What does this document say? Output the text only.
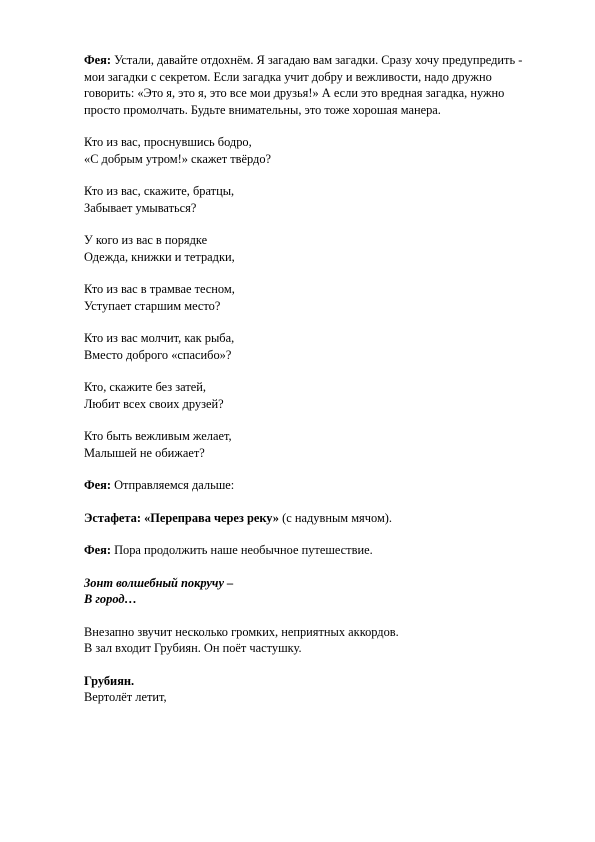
Фея: Устали, давайте отдохнём. Я загадаю вам загадки. Сразу хочу предупредить - мои загадки с секретом. Если загадка учит добру и вежливости, надо дружно говорить: «Это я, это я, это все мои друзья!» А если это вредная загадка, нужно просто промолчать. Будьте внимательны, это тоже хорошая манера.

Кто из вас, проснувшись бодро,
«С добрым утром!» скажет твёрдо?

Кто из вас, скажите, братцы,
Забывает умываться?

У кого из вас в порядке
Одежда, книжки и тетрадки,

Кто из вас в трамвае тесном,
Уступает старшим место?

Кто из вас молчит, как рыба,
Вместо доброго «спасибо»?

Кто, скажите без затей,
Любит всех своих друзей?

Кто быть вежливым желает,
Малышей не обижает?

Фея: Отправляемся дальше:

Эстафета: «Переправа через реку» (с надувным мячом).

Фея: Пора продолжить наше необычное путешествие.

Зонт волшебный покручу –
В город…

Внезапно звучит несколько громких, неприятных аккордов.
В зал входит Грубиян. Он поёт частушку.

Грубиян.
Вертолёт летит,
